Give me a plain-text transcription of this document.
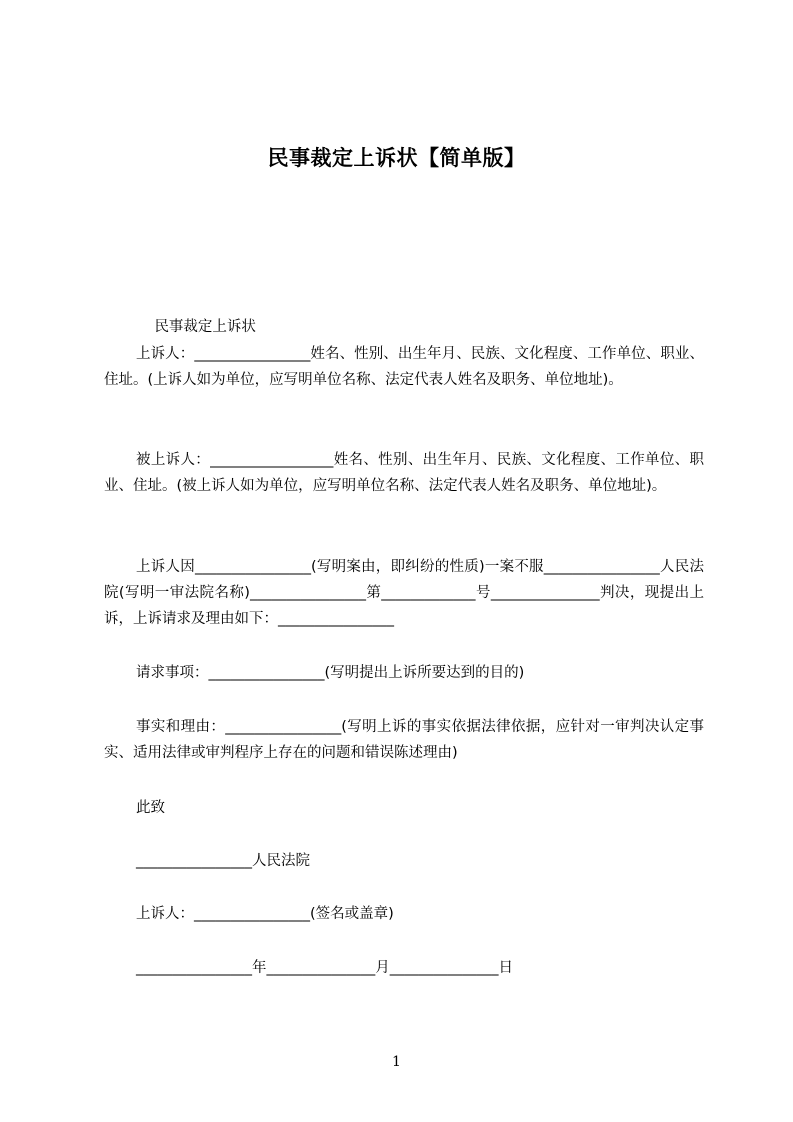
民事裁定上诉状【简单版】

民事裁定上诉状

上诉人：________________姓名、性别、出生年月、民族、文化程度、工作单位、职业、住址。(上诉人如为单位，应写明单位名称、法定代表人姓名及职务、单位地址)。
被上诉人：_________________姓名、性别、出生年月、民族、文化程度、工作单位、职业、住址。(被上诉人如为单位，应写明单位名称、法定代表人姓名及职务、单位地址)。
上诉人因________________(写明案由，即纠纷的性质)一案不服________________人民法院(写明一审法院名称)________________第_____________号_______________判决，现提出上诉，上诉请求及理由如下：________________
请求事项：________________(写明提出上诉所要达到的目的)
事实和理由：________________(写明上诉的事实依据法律依据，应针对一审判决认定事实、适用法律或审判程序上存在的问题和错误陈述理由)
此致
________________人民法院
上诉人：________________(签名或盖章)
________________年_______________月_______________日
1
